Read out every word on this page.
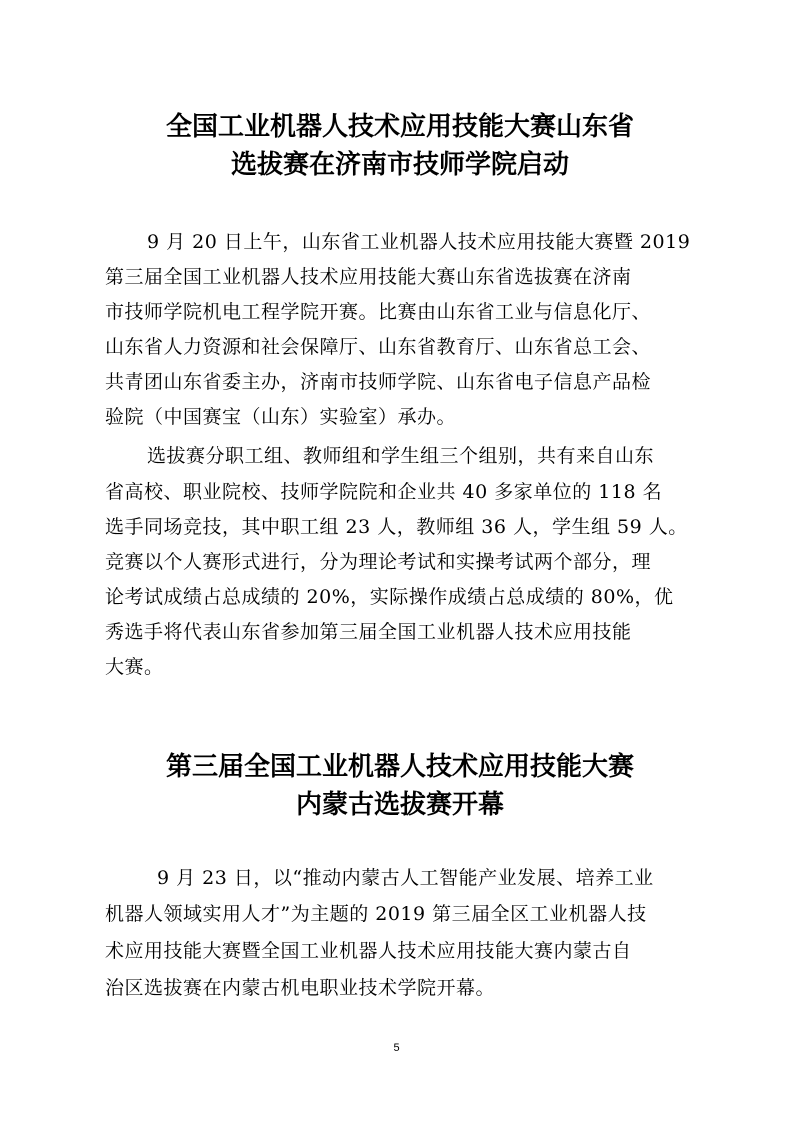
全国工业机器人技术应用技能大赛山东省
选拔赛在济南市技师学院启动
9 月 20 日上午，山东省工业机器人技术应用技能大赛暨 2019
第三届全国工业机器人技术应用技能大赛山东省选拔赛在济南
市技师学院机电工程学院开赛。比赛由山东省工业与信息化厅、
山东省人力资源和社会保障厅、山东省教育厅、山东省总工会、
共青团山东省委主办，济南市技师学院、山东省电子信息产品检
验院（中国赛宝（山东）实验室）承办。
选拔赛分职工组、教师组和学生组三个组别，共有来自山东
省高校、职业院校、技师学院院和企业共 40 多家单位的 118 名
选手同场竞技，其中职工组 23 人，教师组 36 人，学生组 59 人。
竞赛以个人赛形式进行，分为理论考试和实操考试两个部分，理
论考试成绩占总成绩的 20%，实际操作成绩占总成绩的 80%，优
秀选手将代表山东省参加第三届全国工业机器人技术应用技能
大赛。
第三届全国工业机器人技术应用技能大赛
内蒙古选拔赛开幕
9 月 23 日，以“推动内蒙古人工智能产业发展、培养工业
机器人领域实用人才”为主题的 2019 第三届全区工业机器人技
术应用技能大赛暨全国工业机器人技术应用技能大赛内蒙古自
治区选拔赛在内蒙古机电职业技术学院开幕。
5
